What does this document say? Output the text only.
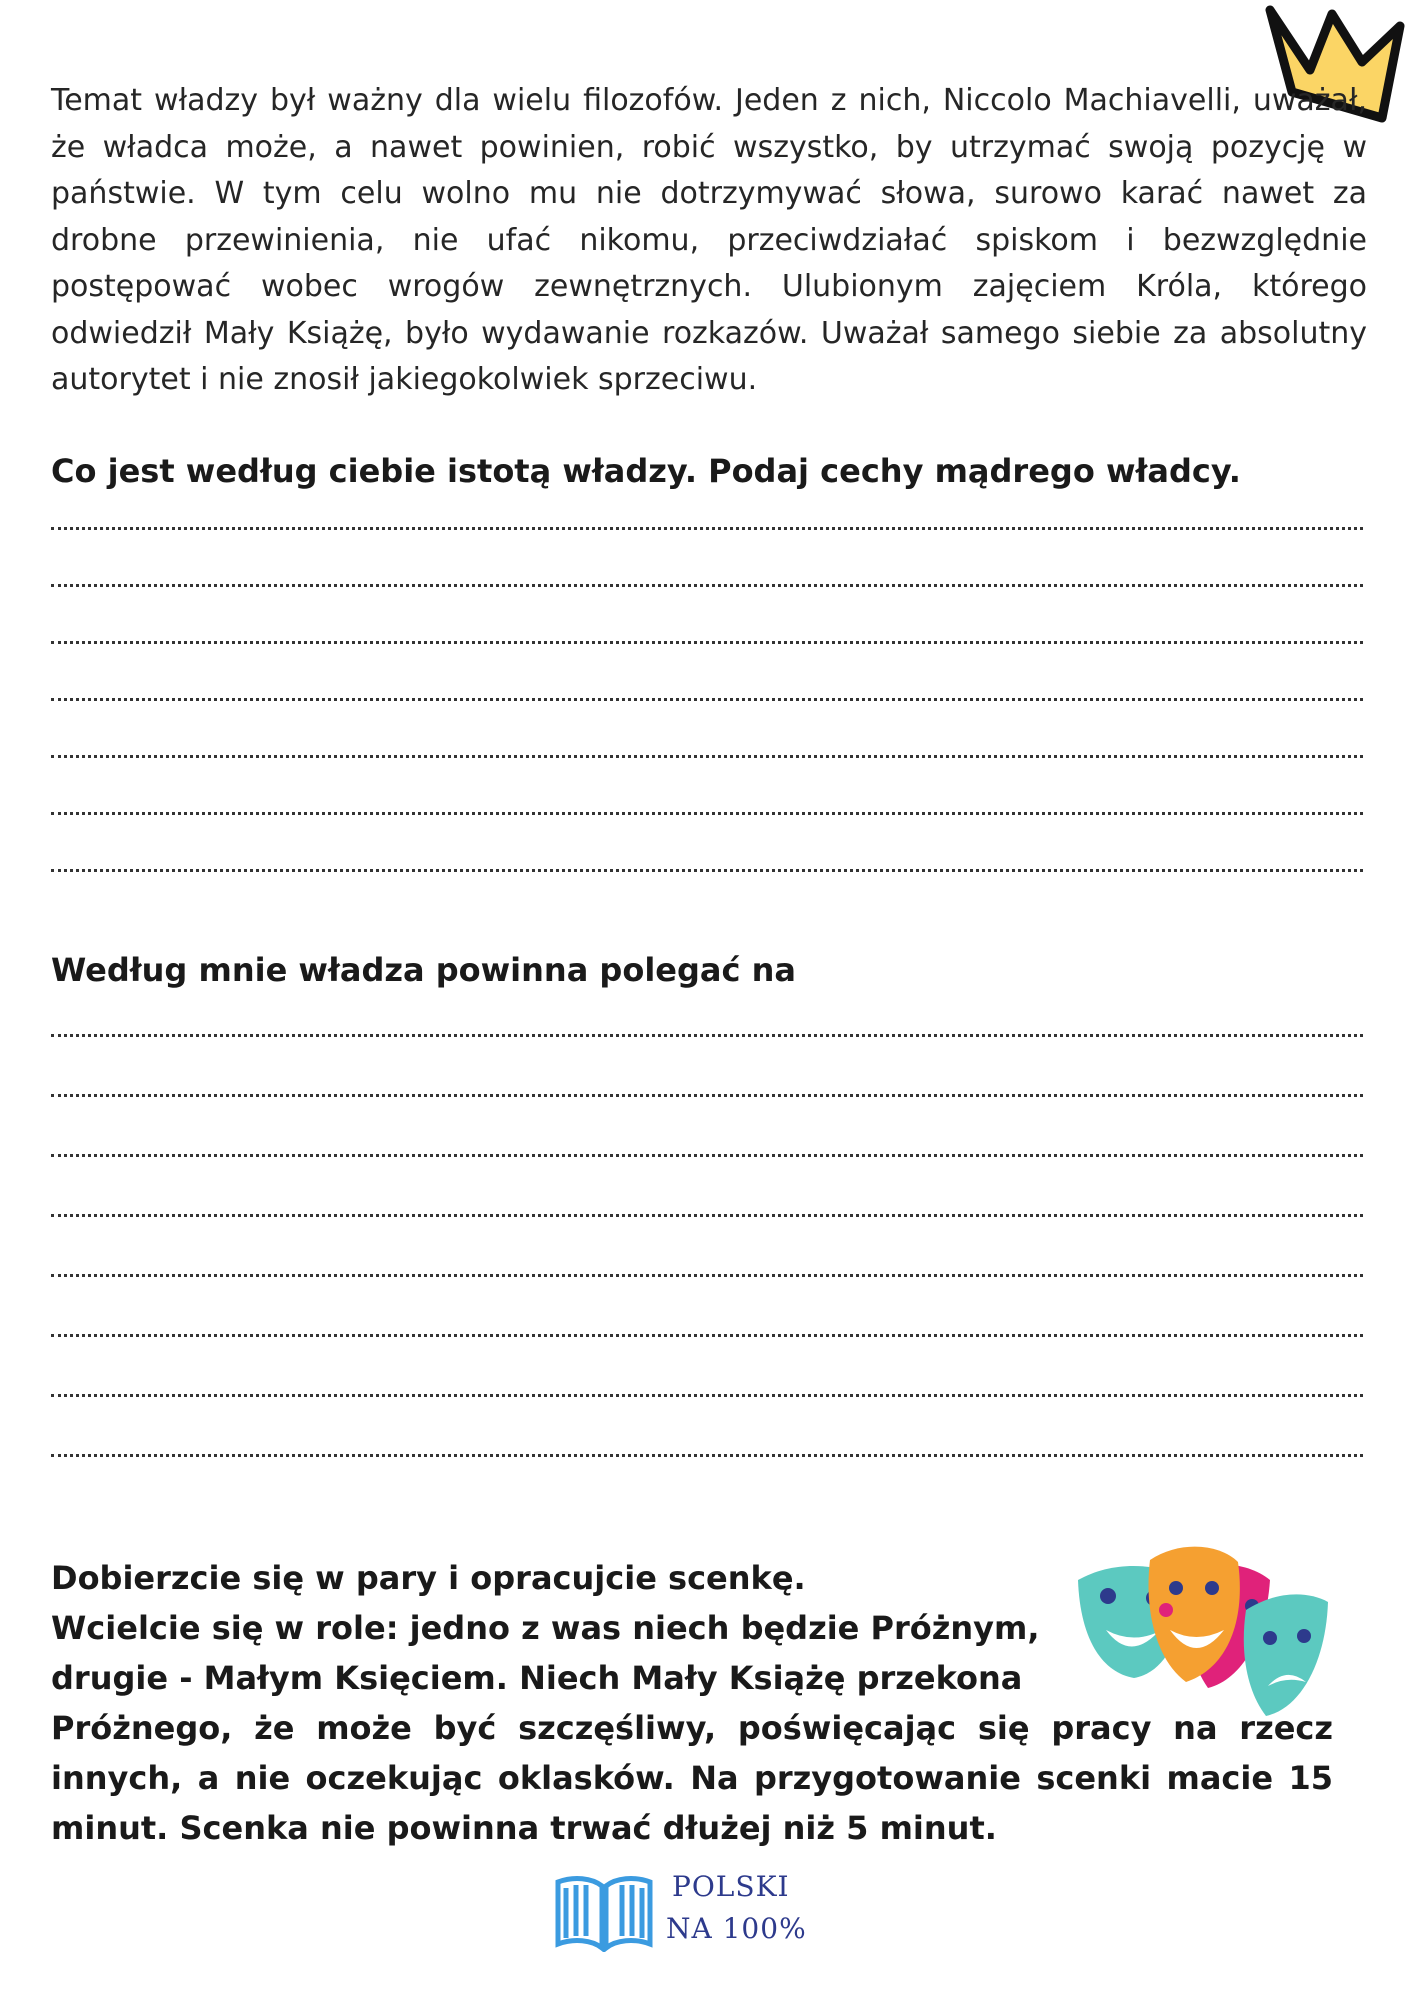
Temat władzy był ważny dla wielu filozofów. Jeden z nich, Niccolo Machiavelli, uważał, że władca może, a nawet powinien, robić wszystko, by utrzymać swoją pozycję w państwie. W tym celu wolno mu nie dotrzymywać słowa, surowo karać nawet za drobne przewinienia, nie ufać nikomu, przeciwdziałać spiskom i bezwzględnie postępować wobec wrogów zewnętrznych. Ulubionym zajęciem Króla, którego odwiedził Mały Książę, było wydawanie rozkazów. Uważał samego siebie za absolutny autorytet i nie znosił jakiegokolwiek sprzeciwu.

Co jest według ciebie istotą władzy. Podaj cechy mądrego władcy.

Według mnie władza powinna polegać na

Dobierzcie się w pary i opracujcie scenkę.
Wcielcie się w role: jedno z was niech będzie Próżnym,
drugie - Małym Księciem. Niech Mały Książę przekona
Próżnego, że może być szczęśliwy, poświęcając się pracy na rzecz
innych, a nie oczekując oklasków. Na przygotowanie scenki macie 15
minut. Scenka nie powinna trwać dłużej niż 5 minut.
POLSKI
NA 100%
